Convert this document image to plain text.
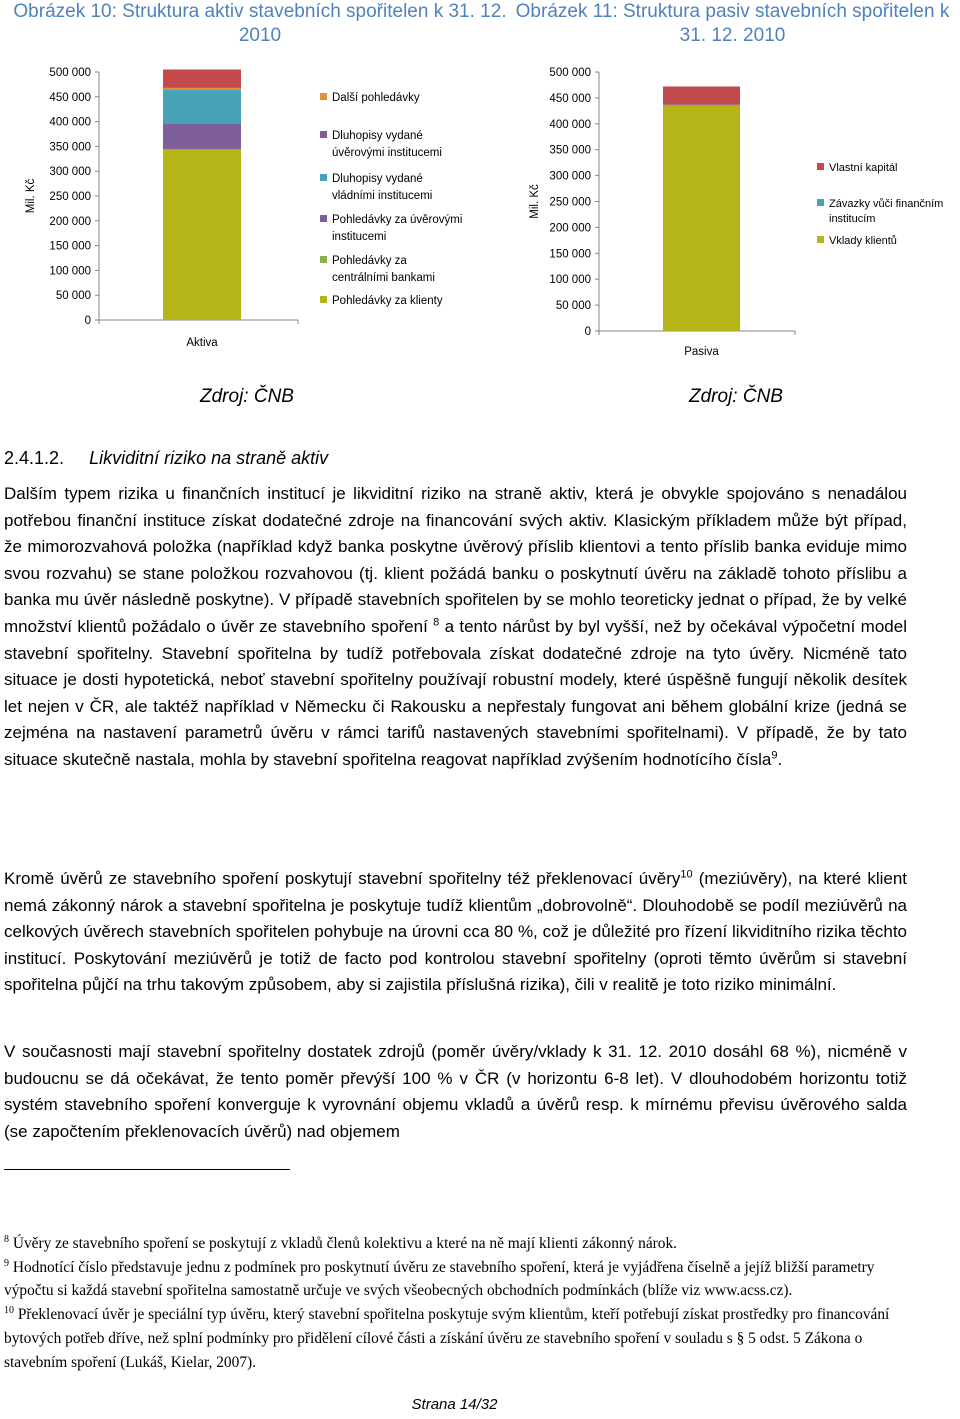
Obrázek 10: Struktura aktiv stavebních spořitelen k 31. 12. 2010
Obrázek 11: Struktura pasiv stavebních spořitelen k 31. 12. 2010
0
50 000
100 000
150 000
200 000
250 000
300 000
350 000
400 000
450 000
500 000
Mil. Kč
Aktiva
Další pohledávky
Dluhopisy vydané
úvěrovými institucemi
Dluhopisy vydané
vládními institucemi
Pohledávky za úvěrovými
institucemi
Pohledávky za
centrálními bankami
Pohledávky za klienty
0
50 000
100 000
150 000
200 000
250 000
300 000
350 000
400 000
450 000
500 000
Mil. Kč
Pasiva
Vlastní kapitál
Závazky vůči finančním
institucím
Vklady klientů
Zdroj: ČNB	Zdroj: ČNB
2.4.1.2. Likviditní riziko na straně aktiv
Dalším typem rizika u finančních institucí je likviditní riziko na straně aktiv, která je obvykle spojováno s nenadálou potřebou finanční instituce získat dodatečné zdroje na financování svých aktiv. Klasickým příkladem může být případ, že mimorozvahová položka (například když banka poskytne úvěrový příslib klientovi a tento příslib banka eviduje mimo svou rozvahu) se stane položkou rozvahovou (tj. klient požádá banku o poskytnutí úvěru na základě tohoto příslibu a banka mu úvěr následně poskytne). V případě stavebních spořitelen by se mohlo teoreticky jednat o případ, že by velké množství klientů požádalo o úvěr ze stavebního spoření $^8$ a tento nárůst by byl vyšší, než by očekával výpočetní model stavební spořitelny. Stavební spořitelna by tudíž potřebovala získat dodatečné zdroje na tyto úvěry. Nicméně tato situace je dosti hypotetická, neboť stavební spořitelny používají robustní modely, které úspěšně fungují několik desítek let nejen v ČR, ale taktéž například v Německu či Rakousku a nepřestaly fungovat ani během globální krize (jedná se zejména na nastavení parametrů úvěru v rámci tarifů nastavených stavebními spořitelnami). V případě, že by tato situace skutečně nastala, mohla by stavební spořitelna reagovat například zvýšením hodnotícího čísla$^9$.
Kromě úvěrů ze stavebního spoření poskytují stavební spořitelny též překlenovací úvěry$^{10}$ (meziúvěry), na které klient nemá zákonný nárok a stavební spořitelna je poskytuje tudíž klientům „dobrovolně“. Dlouhodobě se podíl meziúvěrů na celkových úvěrech stavebních spořitelen pohybuje na úrovni cca 80 %, což je důležité pro řízení likviditního rizika těchto institucí. Poskytování meziúvěrů je totiž de facto pod kontrolou stavební spořitelny (oproti těmto úvěrům si stavební spořitelna půjčí na trhu takovým způsobem, aby si zajistila příslušná rizika), čili v realitě je toto riziko minimální.
V současnosti mají stavební spořitelny dostatek zdrojů (poměr úvěry/vklady k 31. 12. 2010 dosáhl 68 %), nicméně v budoucnu se dá očekávat, že tento poměr převýší 100 % v ČR (v horizontu 6-8 let). V dlouhodobém horizontu totiž systém stavebního spoření konverguje k vyrovnání objemu vkladů a úvěrů resp. k mírnému převisu úvěrového salda (se započtením překlenovacích úvěrů) nad objemem

$^8$ Úvěry ze stavebního spoření se poskytují z vkladů členů kolektivu a které na ně mají klienti zákonný nárok.

$^9$ Hodnotící číslo představuje jednu z podmínek pro poskytnutí úvěru ze stavebního spoření, která je vyjádřena číselně a jejíž bližší parametry výpočtu si každá stavební spořitelna samostatně určuje ve svých všeobecných obchodních podmínkách (blíže viz www.acss.cz).

$^{10}$ Překlenovací úvěr je speciální typ úvěru, který stavební spořitelna poskytuje svým klientům, kteří potřebují získat prostředky pro financování bytových potřeb dříve, než splní podmínky pro přidělení cílové části a získání úvěru ze stavebního spoření v souladu s § 5 odst. 5 Zákona o stavebním spoření (Lukáš, Kielar, 2007).

Strana 14/32
